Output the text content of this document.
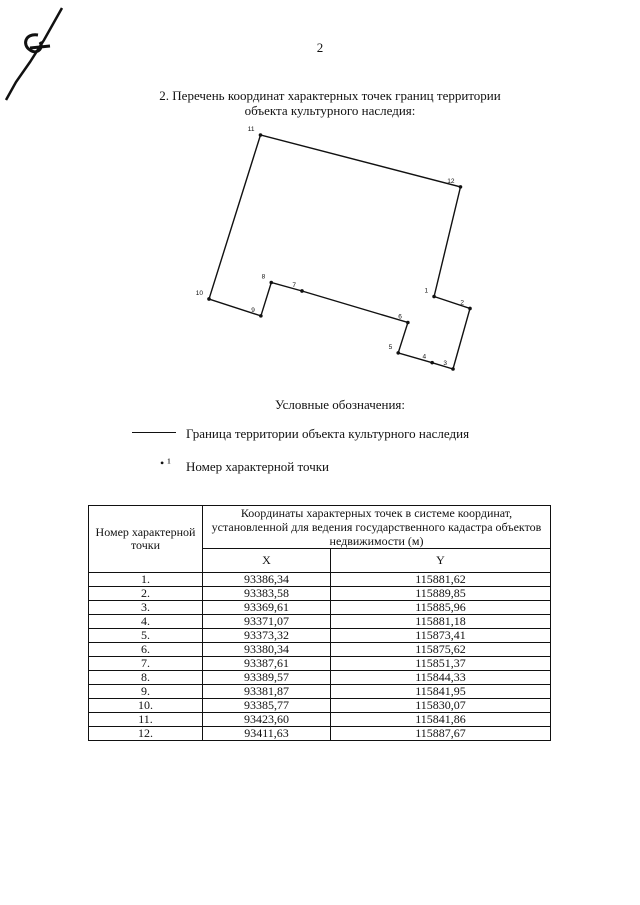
2
2. Перечень координат характерных точек границ территории
объекта культурного наследия:
1
2
3
4
5
6
7
8
9
10
11
12
Условные обозначения:
Граница территории объекта культурного наследия
• ¹ Номер характерной точки
Номер характерной точки	Координаты характерных точек в системе координат, установленной для ведения государственного кадастра объектов недвижимости (м)	
	X	Y
1.	93386,34	115881,62
2.	93383,58	115889,85
3.	93369,61	115885,96
4.	93371,07	115881,18
5.	93373,32	115873,41
6.	93380,34	115875,62
7.	93387,61	115851,37
8.	93389,57	115844,33
9.	93381,87	115841,95
10.	93385,77	115830,07
11.	93423,60	115841,86
12.	93411,63	115887,67
